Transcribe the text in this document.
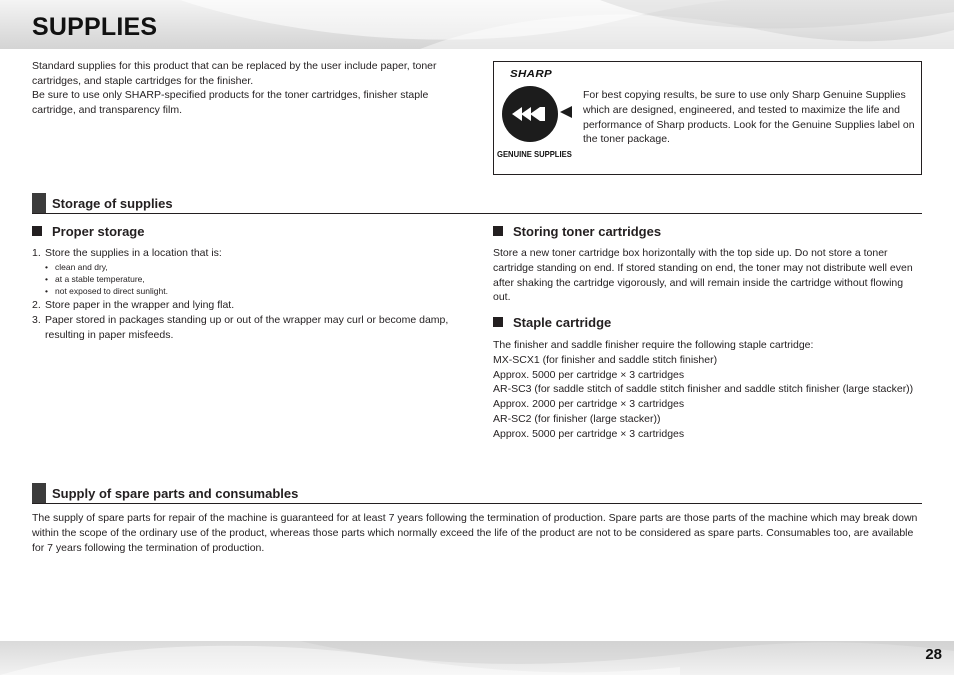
SUPPLIES

Standard supplies for this product that can be replaced by the user include paper, toner cartridges, and staple cartridges for the finisher.

Be sure to use only SHARP-specified products for the toner cartridges, finisher staple cartridge, and transparency film.

SHARP
GENUINE SUPPLIES
For best copying results, be sure to use only Sharp Genuine Supplies which are designed, engineered, and tested to maximize the life and performance of Sharp products. Look for the Genuine Supplies label on the toner package.
Storage of supplies
Proper storage
1. Store the supplies in a location that is:
• clean and dry,
• at a stable temperature,
• not exposed to direct sunlight.
2. Store paper in the wrapper and lying flat.
3. Paper stored in packages standing up or out of the wrapper may curl or become damp, resulting in paper misfeeds.
Storing toner cartridges
Store a new toner cartridge box horizontally with the top side up. Do not store a toner cartridge standing on end. If stored standing on end, the toner may not distribute well even after shaking the cartridge vigorously, and will remain inside the cartridge without flowing out.
Staple cartridge
The finisher and saddle finisher require the following staple cartridge:
MX-SCX1 (for finisher and saddle stitch finisher)
Approx. 5000 per cartridge × 3 cartridges
AR-SC3 (for saddle stitch of saddle stitch finisher and saddle stitch finisher (large stacker))
Approx. 2000 per cartridge × 3 cartridges
AR-SC2 (for finisher (large stacker))
Approx. 5000 per cartridge × 3 cartridges
Supply of spare parts and consumables
The supply of spare parts for repair of the machine is guaranteed for at least 7 years following the termination of production. Spare parts are those parts of the machine which may break down within the scope of the ordinary use of the product, whereas those parts which normally exceed the life of the product are not to be considered as spare parts. Consumables too, are available for 7 years following the termination of production.
28
